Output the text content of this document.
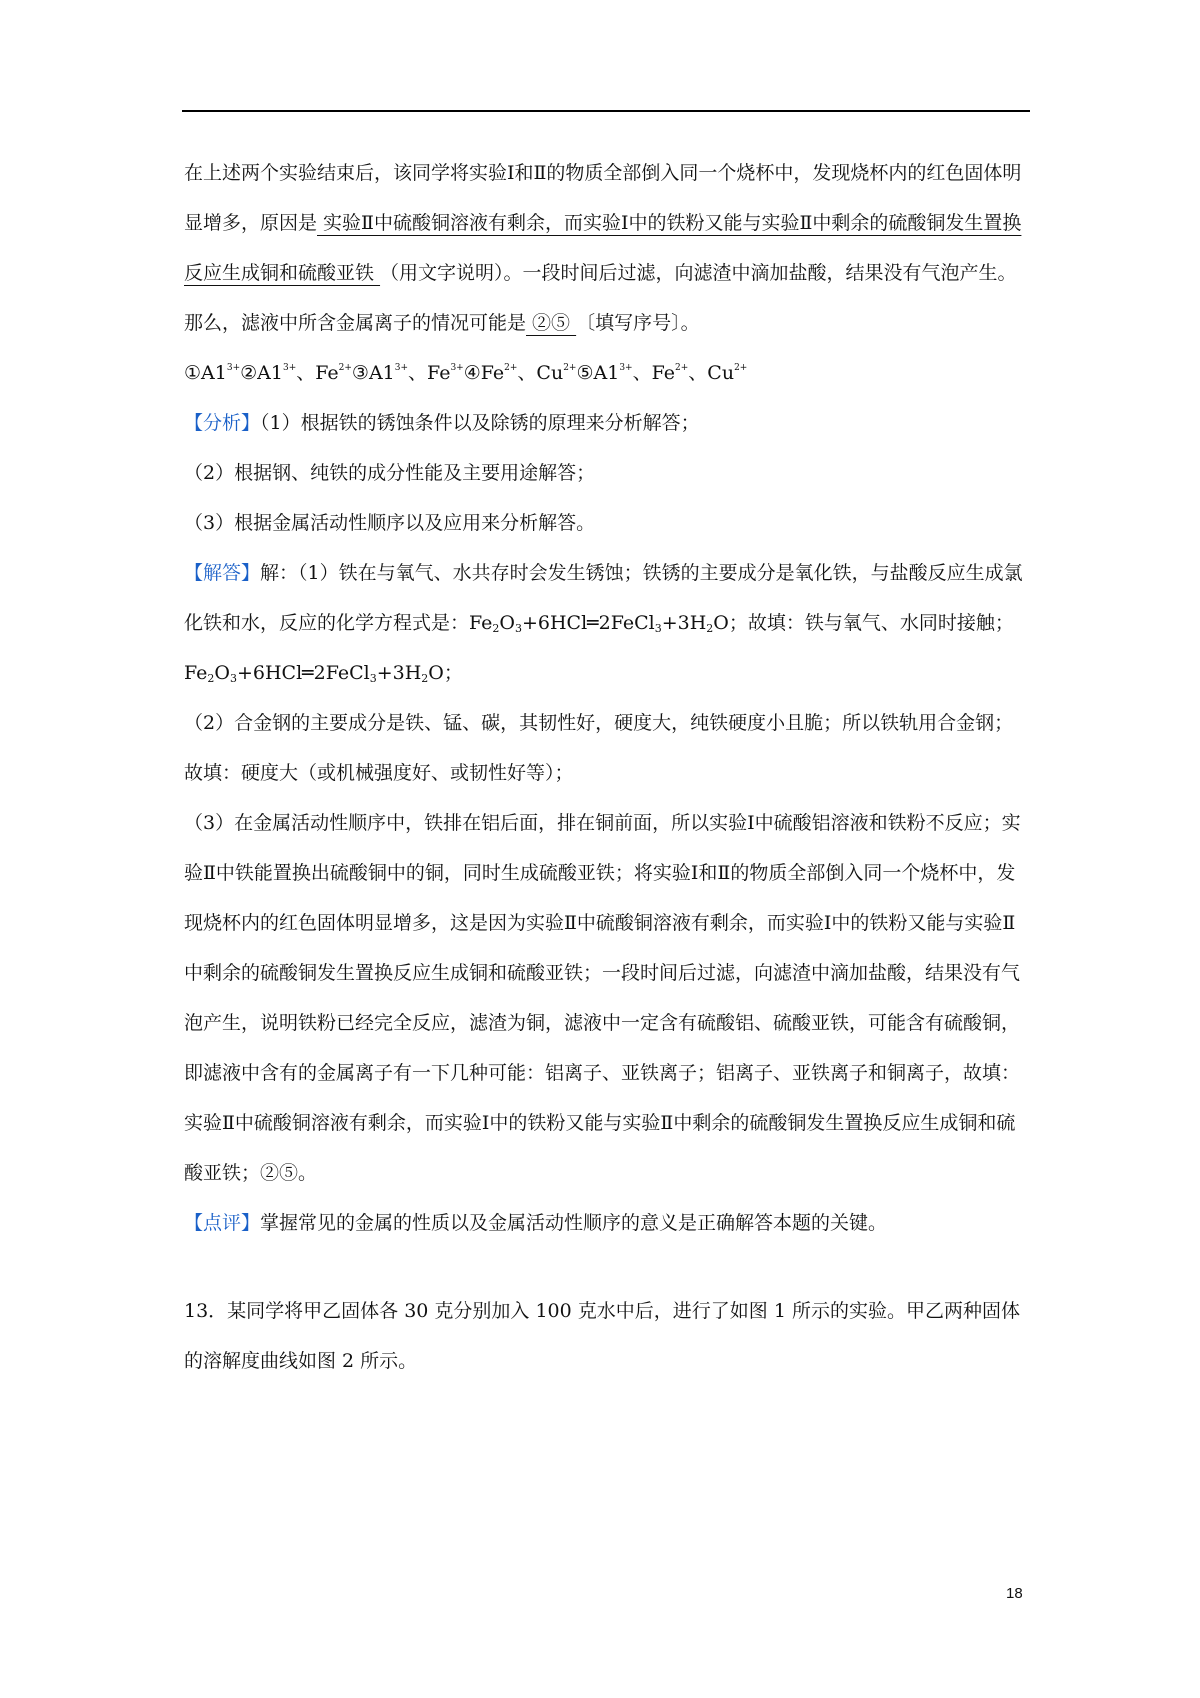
在上述两个实验结束后，该同学将实验Ⅰ和Ⅱ的物质全部倒入同一个烧杯中，发现烧杯内的红色固体明显增多，原因是 实验Ⅱ中硫酸铜溶液有剩余，而实验Ⅰ中的铁粉又能与实验Ⅱ中剩余的硫酸铜发生置换反应生成铜和硫酸亚铁 （用文字说明）。一段时间后过滤，向滤渣中滴加盐酸，结果没有气泡产生。那么，滤液中所含金属离子的情况可能是 ②⑤ 〔填写序号〕。

$①A1^{3+}②A1^{3+}$、$Fe^{2+}③A1^{3+}$、$Fe^{3+}④Fe^{2+}$、$Cu^{2+}⑤A1^{3+}$、$Fe^{2+}$、$Cu^{2+}$

【分析】（1）根据铁的锈蚀条件以及除锈的原理来分析解答；

（2）根据钢、纯铁的成分性能及主要用途解答；

（3）根据金属活动性顺序以及应用来分析解答。

【解答】解：（1）铁在与氧气、水共存时会发生锈蚀；铁锈的主要成分是氧化铁，与盐酸反应生成氯化铁和水，反应的化学方程式是：$Fe_2O_3+6HCl═2FeCl_3+3H_2O$；故填：铁与氧气、水同时接触；$Fe_2O_3+6HCl═2FeCl_3+3H_2O$；

（2）合金钢的主要成分是铁、锰、碳，其韧性好，硬度大，纯铁硬度小且脆；所以铁轨用合金钢；故填：硬度大（或机械强度好、或韧性好等）；

（3）在金属活动性顺序中，铁排在铝后面，排在铜前面，所以实验Ⅰ中硫酸铝溶液和铁粉不反应；实验Ⅱ中铁能置换出硫酸铜中的铜，同时生成硫酸亚铁；将实验Ⅰ和Ⅱ的物质全部倒入同一个烧杯中，发现烧杯内的红色固体明显增多，这是因为实验Ⅱ中硫酸铜溶液有剩余，而实验Ⅰ中的铁粉又能与实验Ⅱ中剩余的硫酸铜发生置换反应生成铜和硫酸亚铁；一段时间后过滤，向滤渣中滴加盐酸，结果没有气泡产生，说明铁粉已经完全反应，滤渣为铜，滤液中一定含有硫酸铝、硫酸亚铁，可能含有硫酸铜，即滤液中含有的金属离子有一下几种可能：铝离子、亚铁离子；铝离子、亚铁离子和铜离子，故填：实验Ⅱ中硫酸铜溶液有剩余，而实验Ⅰ中的铁粉又能与实验Ⅱ中剩余的硫酸铜发生置换反应生成铜和硫酸亚铁；②⑤。

【点评】掌握常见的金属的性质以及金属活动性顺序的意义是正确解答本题的关键。

13．某同学将甲乙固体各 30 克分别加入 100 克水中后，进行了如图 1 所示的实验。甲乙两种固体的溶解度曲线如图 2 所示。

18
